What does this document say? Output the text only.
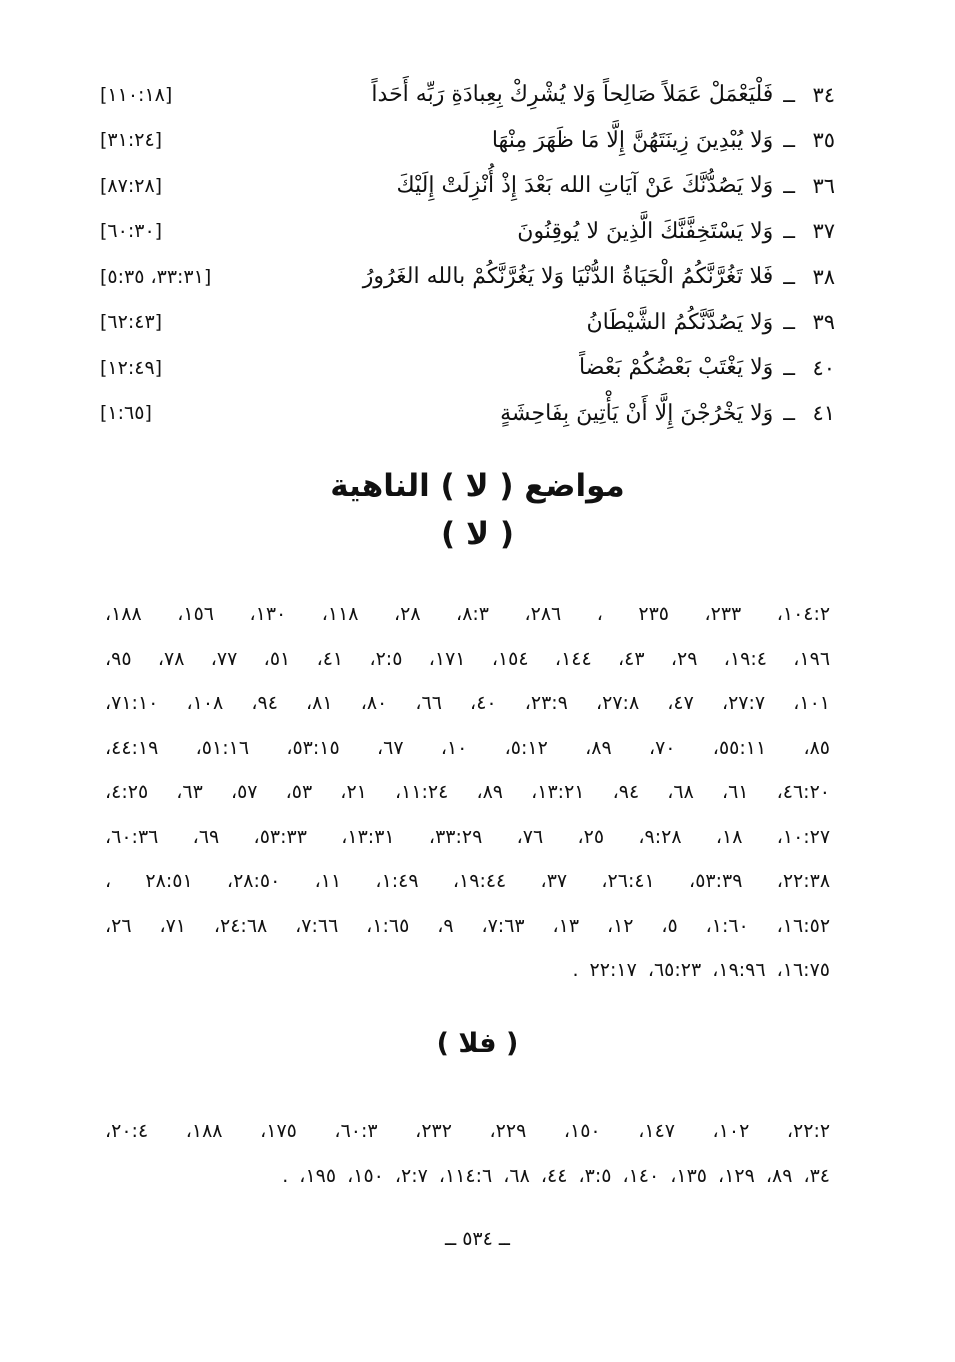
٣٤
ــ
فَلْيَعْمَلْ عَمَلاً صَالِحاً وَلا يُشْرِكْ بِعِبادَةِ رَبِّه أَحَداً
[١١٠:١٨]
٣٥
ــ
وَلا يُبْدِينَ زِينَتَهُنَّ إِلَّا مَا ظَهَرَ مِنْهَا
[٣١:٢٤]
٣٦
ــ
وَلا يَصُدُّنَّكَ عَنْ آيَاتِ الله بَعْدَ إِذْ أُنْزِلَتْ إِلَيْكَ
[٨٧:٢٨]
٣٧
ــ
وَلا يَسْتَخِفَّنَّكَ الَّذِينَ لا يُوقِنُونَ
[٦٠:٣٠]
٣٨
ــ
فَلا تَغُرَّنَّكُمُ الْحَيَاةُ الدُّنْيَا وَلا يَغُرَّنَّكُمْ بالله الغَرُورُ
[٣٣:٣١، ٥:٣٥]
٣٩
ــ
وَلا يَصُدَّنَّكُمُ الشَّيْطَانُ
[٦٢:٤٣]
٤٠
ــ
وَلا يَغْتَبْ بَعْضُكُمْ بَعْضاً
[١٢:٤٩]
٤١
ــ
وَلا يَخْرُجْنَ إِلَّا أَنْ يَأْتِينَ بِفَاحِشَةٍ
[١:٦٥]
مواضع ( لا ) الناهية
( لا )
١٠٤:٢، ٢٣٣، ٢٣٥ ، ٢٨٦، ٨:٣، ٢٨، ١١٨، ١٣٠، ١٥٦، ١٨٨،
١٩٦، ١٩:٤، ٢٩، ٤٣، ١٤٤، ١٥٤، ١٧١، ٢:٥، ٤١، ٥١، ٧٧، ٧٨، ٩٥،
١٠١، ٢٧:٧، ٤٧، ٢٧:٨، ٢٣:٩، ٤٠، ٦٦، ٨٠، ٨١، ٩٤، ١٠٨، ٧١:١٠،
٨٥، ٥٥:١١، ٧٠، ٨٩، ٥:١٢، ١٠، ٦٧، ٥٣:١٥، ٥١:١٦، ٤٤:١٩،
٤٦:٢٠، ٦١، ٦٨، ٩٤، ١٣:٢١، ٨٩، ١١:٢٤، ٢١، ٥٣، ٥٧، ٦٣، ٤:٢٥،
١٠:٢٧، ١٨، ٩:٢٨، ٢٥، ٧٦، ٣٣:٢٩، ١٣:٣١، ٥٣:٣٣، ٦٩، ٦٠:٣٦،
٢٢:٣٨، ٥٣:٣٩، ٢٦:٤١، ٣٧، ١٩:٤٤، ١:٤٩، ١١، ٢٨:٥٠، ٢٨:٥١ ،
١٦:٥٢، ١:٦٠، ٥، ١٢، ١٣، ٧:٦٣، ٩، ١:٦٥، ٧:٦٦، ٢٤:٦٨، ٧١، ٢٦،
١٦:٧٥، ١٩:٩٦، ٦٥:٢٣، ٢٢:١٧ .
( فلا )
٢٢:٢، ١٠٢، ١٤٧، ١٥٠، ٢٢٩، ٢٣٢، ٦٠:٣، ١٧٥، ١٨٨، ٢٠:٤،
٣٤، ٨٩، ١٢٩، ١٣٥، ١٤٠، ٣:٥، ٤٤، ٦٨، ١١٤:٦، ٢:٧، ١٥٠، ١٩٥، .
ــ ٥٣٤ ــ
